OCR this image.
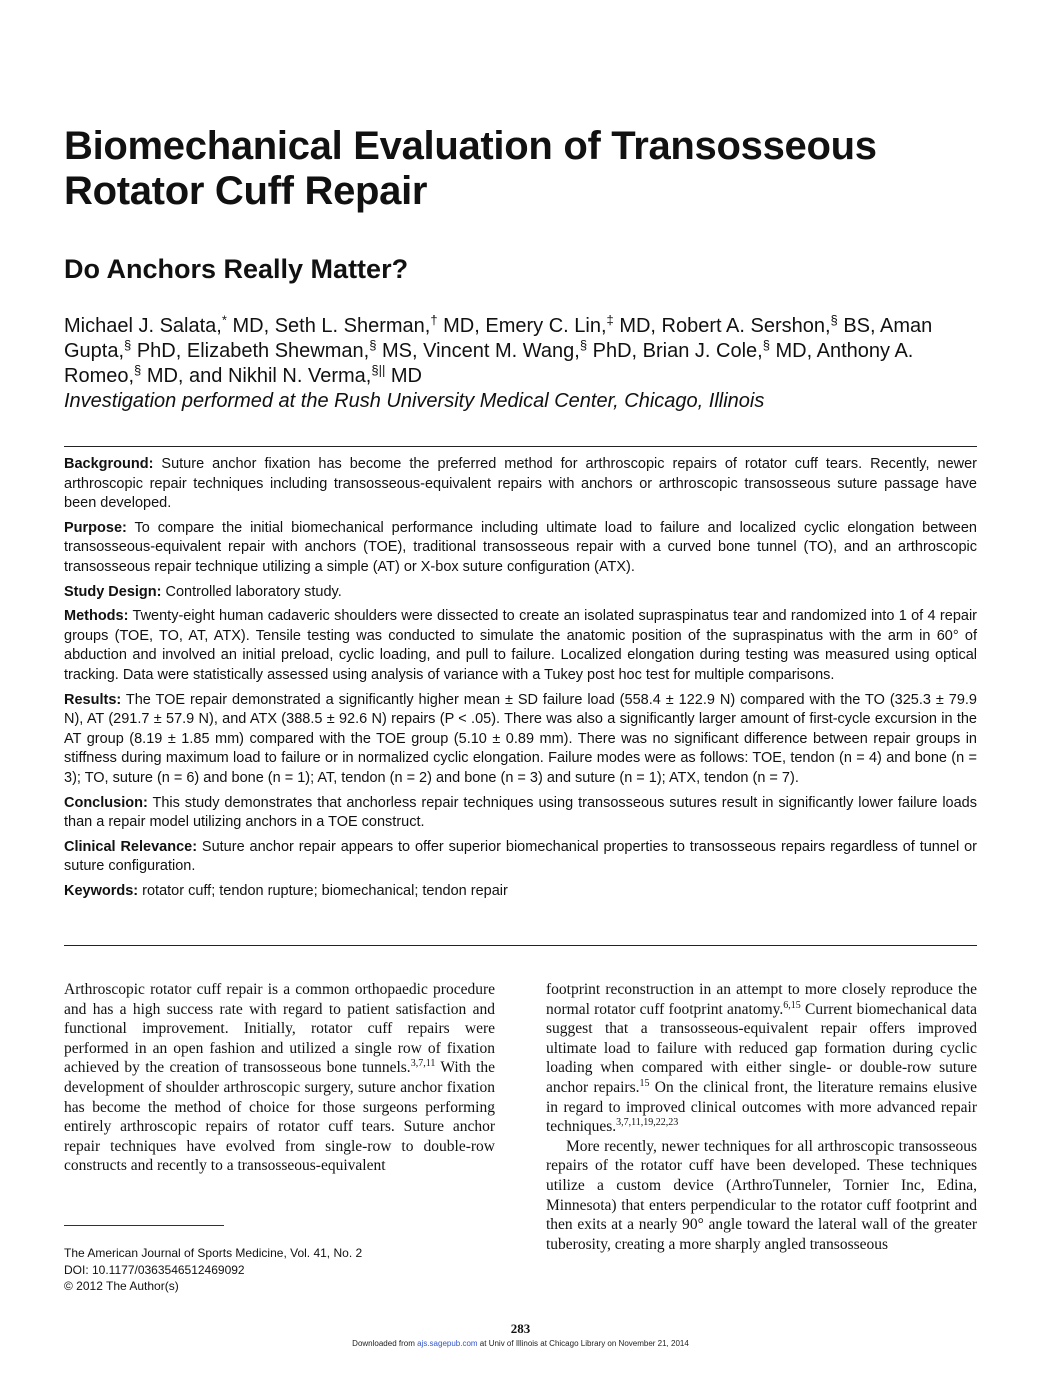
Biomechanical Evaluation of Transosseous Rotator Cuff Repair
Do Anchors Really Matter?
Michael J. Salata,* MD, Seth L. Sherman,† MD, Emery C. Lin,‡ MD, Robert A. Sershon,§ BS, Aman Gupta,§ PhD, Elizabeth Shewman,§ MS, Vincent M. Wang,§ PhD, Brian J. Cole,§ MD, Anthony A. Romeo,§ MD, and Nikhil N. Verma,§|| MD
Investigation performed at the Rush University Medical Center, Chicago, Illinois

Background: Suture anchor fixation has become the preferred method for arthroscopic repairs of rotator cuff tears. Recently, newer arthroscopic repair techniques including transosseous-equivalent repairs with anchors or arthroscopic transosseous suture passage have been developed.

Purpose: To compare the initial biomechanical performance including ultimate load to failure and localized cyclic elongation between transosseous-equivalent repair with anchors (TOE), traditional transosseous repair with a curved bone tunnel (TO), and an arthroscopic transosseous repair technique utilizing a simple (AT) or X-box suture configuration (ATX).

Study Design: Controlled laboratory study.

Methods: Twenty-eight human cadaveric shoulders were dissected to create an isolated supraspinatus tear and randomized into 1 of 4 repair groups (TOE, TO, AT, ATX). Tensile testing was conducted to simulate the anatomic position of the supraspinatus with the arm in 60° of abduction and involved an initial preload, cyclic loading, and pull to failure. Localized elongation during testing was measured using optical tracking. Data were statistically assessed using analysis of variance with a Tukey post hoc test for multiple comparisons.

Results: The TOE repair demonstrated a significantly higher mean ± SD failure load (558.4 ± 122.9 N) compared with the TO (325.3 ± 79.9 N), AT (291.7 ± 57.9 N), and ATX (388.5 ± 92.6 N) repairs (P < .05). There was also a significantly larger amount of first-cycle excursion in the AT group (8.19 ± 1.85 mm) compared with the TOE group (5.10 ± 0.89 mm). There was no significant difference between repair groups in stiffness during maximum load to failure or in normalized cyclic elongation. Failure modes were as follows: TOE, tendon (n = 4) and bone (n = 3); TO, suture (n = 6) and bone (n = 1); AT, tendon (n = 2) and bone (n = 3) and suture (n = 1); ATX, tendon (n = 7).

Conclusion: This study demonstrates that anchorless repair techniques using transosseous sutures result in significantly lower failure loads than a repair model utilizing anchors in a TOE construct.

Clinical Relevance: Suture anchor repair appears to offer superior biomechanical properties to transosseous repairs regardless of tunnel or suture configuration.

Keywords: rotator cuff; tendon rupture; biomechanical; tendon repair

Arthroscopic rotator cuff repair is a common orthopaedic procedure and has a high success rate with regard to patient satisfaction and functional improvement. Initially, rotator cuff repairs were performed in an open fashion and utilized a single row of fixation achieved by the creation of transosseous bone tunnels.$^{3,7,11}$ With the development of shoulder arthroscopic surgery, suture anchor fixation has become the method of choice for those surgeons performing entirely arthroscopic repairs of rotator cuff tears. Suture anchor repair techniques have evolved from single-row to double-row constructs and recently to a transosseous-equivalent

footprint reconstruction in an attempt to more closely reproduce the normal rotator cuff footprint anatomy.$^{6,15}$ Current biomechanical data suggest that a transosseous-equivalent repair offers improved ultimate load to failure with reduced gap formation during cyclic loading when compared with either single- or double-row suture anchor repairs.$^{15}$ On the clinical front, the literature remains elusive in regard to improved clinical outcomes with more advanced repair techniques.$^{3,7,11,19,22,23}$

More recently, newer techniques for all arthroscopic transosseous repairs of the rotator cuff have been developed. These techniques utilize a custom device (ArthroTunneler, Tornier Inc, Edina, Minnesota) that enters perpendicular to the rotator cuff footprint and then exits at a nearly 90° angle toward the lateral wall of the greater tuberosity, creating a more sharply angled transosseous

The American Journal of Sports Medicine, Vol. 41, No. 2
DOI: 10.1177/0363546512469092
© 2012 The Author(s)
283
Downloaded from ajs.sagepub.com at Univ of Illinois at Chicago Library on November 21, 2014
